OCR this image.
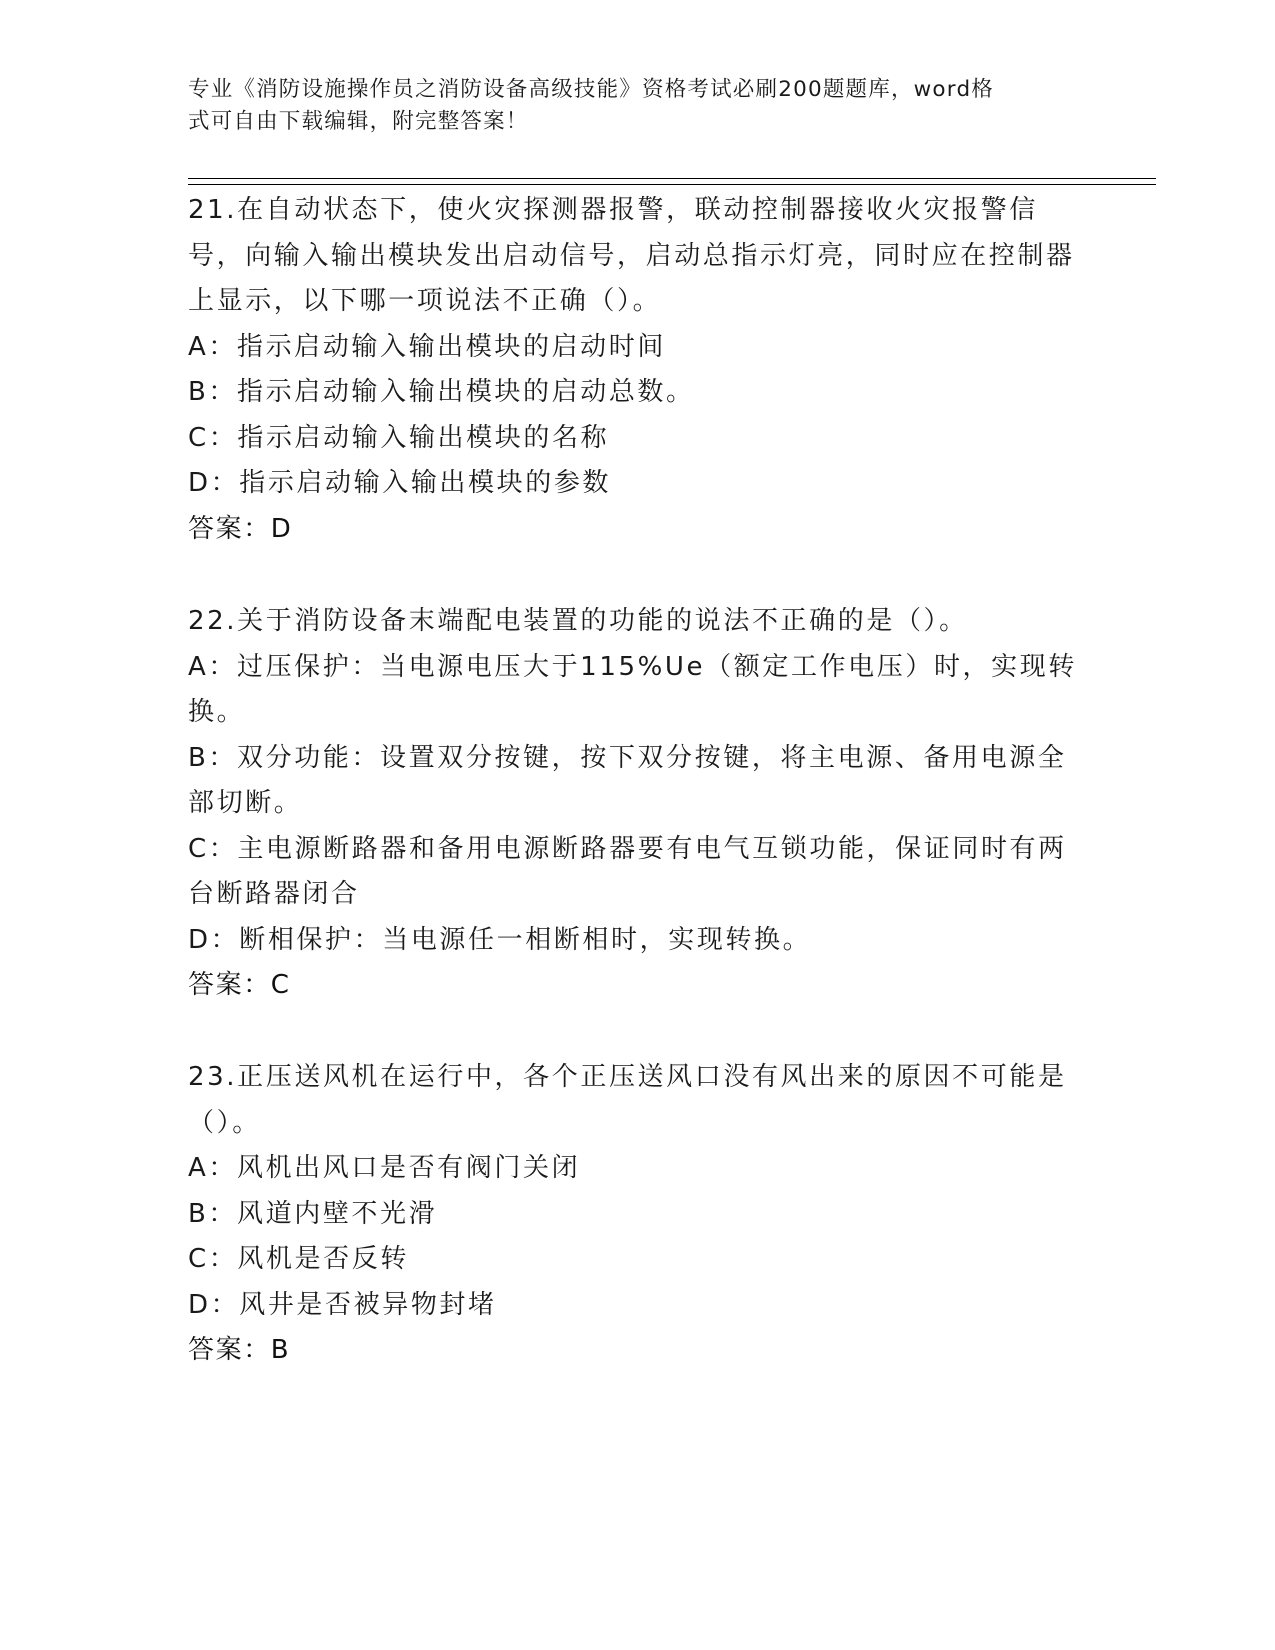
专业《消防设施操作员之消防设备高级技能》资格考试必刷200题题库，word格
式可自由下载编辑，附完整答案！
21.在自动状态下，使火灾探测器报警，联动控制器接收火灾报警信号，向输入输出模块发出启动信号，启动总指示灯亮，同时应在控制器上显示，以下哪一项说法不正确（）。
A：指示启动输入输出模块的启动时间
B：指示启动输入输出模块的启动总数。
C：指示启动输入输出模块的名称
D：指示启动输入输出模块的参数
答案：D
22.关于消防设备末端配电装置的功能的说法不正确的是（）。
A：过压保护：当电源电压大于115%Ue（额定工作电压）时，实现转换。
B：双分功能：设置双分按键，按下双分按键，将主电源、备用电源全部切断。
C：主电源断路器和备用电源断路器要有电气互锁功能，保证同时有两台断路器闭合
D：断相保护：当电源任一相断相时，实现转换。
答案：C
23.正压送风机在运行中，各个正压送风口没有风出来的原因不可能是（）。
A：风机出风口是否有阀门关闭
B：风道内壁不光滑
C：风机是否反转
D：风井是否被异物封堵
答案：B
